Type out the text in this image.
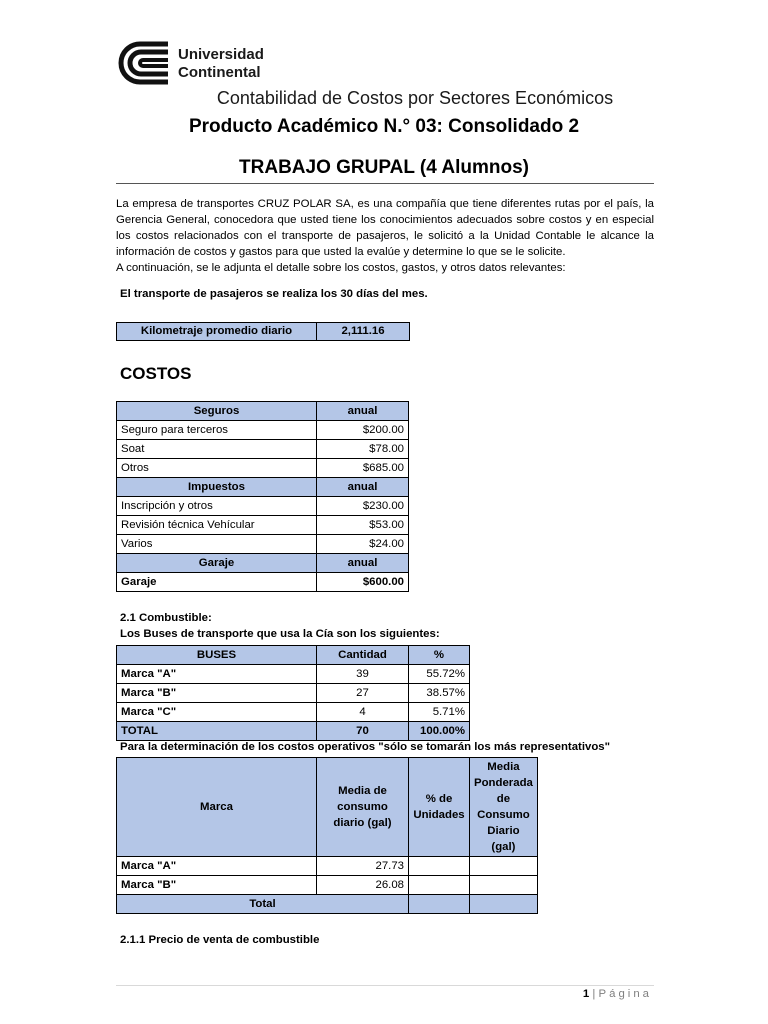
Universidad
Continental
Contabilidad de Costos por Sectores Económicos
Producto Académico N.° 03: Consolidado 2
TRABAJO GRUPAL (4 Alumnos)

La empresa de transportes CRUZ POLAR SA, es una compañía que tiene diferentes rutas por el país, la Gerencia General, conocedora que usted tiene los conocimientos adecuados sobre costos y en especial los costos relacionados con el transporte de pasajeros, le solicitó a la Unidad Contable le alcance la información de costos y gastos para que usted la evalúe y determine lo que se le solicite.

A continuación, se le adjunta el detalle sobre los costos, gastos, y otros datos relevantes:

El transporte de pasajeros se realiza los 30 días del mes.
Kilometraje promedio diario	2,111.16
COSTOS
Seguros	anual
Seguro para terceros	$200.00
Soat	$78.00
Otros	$685.00
Impuestos	anual
Inscripción y otros	$230.00
Revisión técnica Vehícular	$53.00
Varios	$24.00
Garaje	anual
Garaje	$600.00
2.1 Combustible:
Los Buses de transporte que usa la Cía son los siguientes:
BUSES	Cantidad	%
Marca "A"	39	55.72%
Marca "B"	27	38.57%
Marca "C"	4	5.71%
TOTAL	70	100.00%
Para la determinación de los costos operativos "sólo se tomarán los más representativos"
Marca	Media de consumo diario (gal)	% de Unidades	Media Ponderada de Consumo Diario (gal)
Marca "A"	27.73		
Marca "B"	26.08		
Total			
2.1.1 Precio de venta de combustible
1 | Página
